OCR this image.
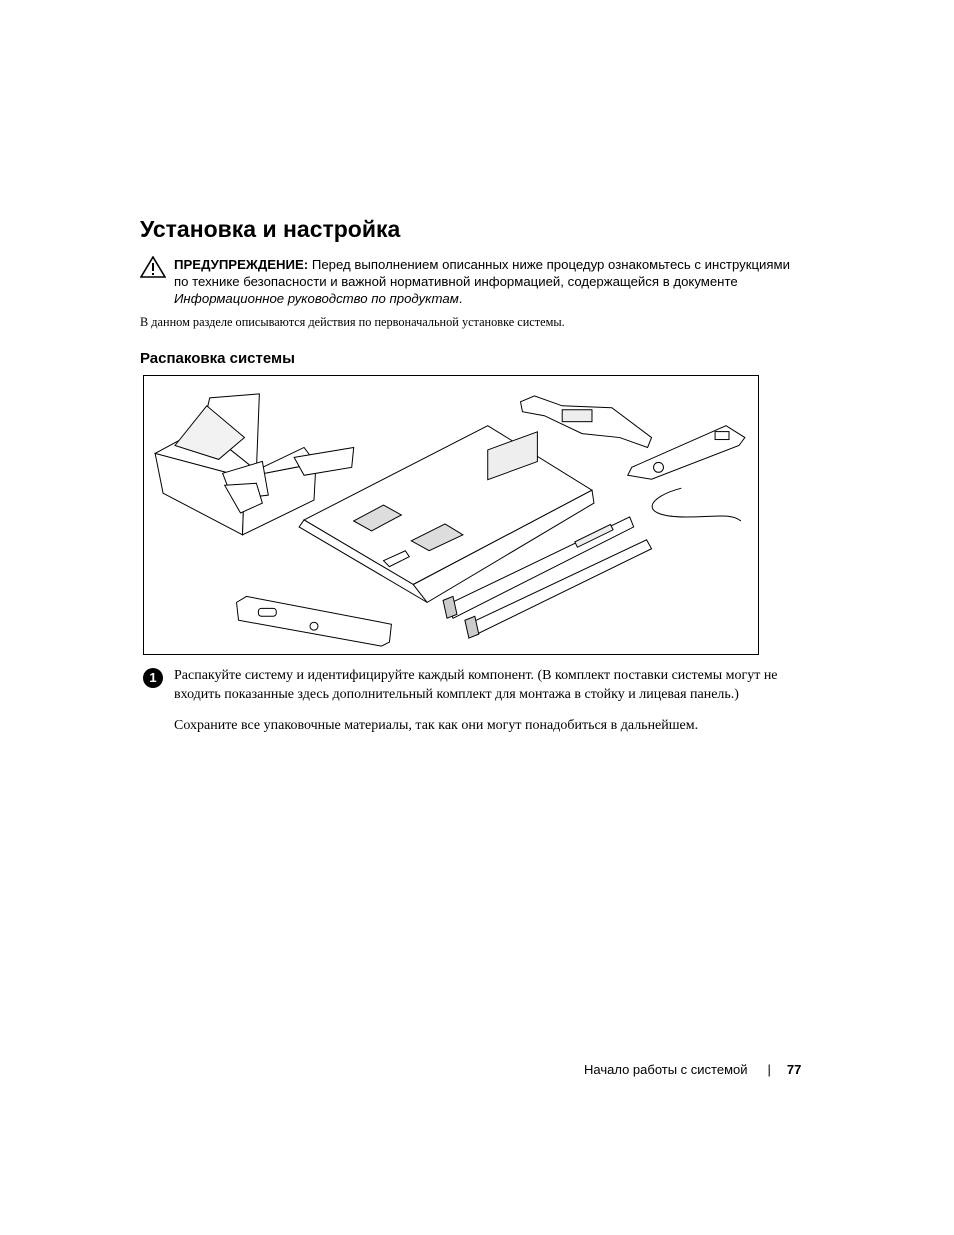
Установка и настройка
ПРЕДУПРЕЖДЕНИЕ: Перед выполнением описанных ниже процедур ознакомьтесь с инструкциями по технике безопасности и важной нормативной информацией, содержащейся в документе Информационное руководство по продуктам.
В данном разделе описываются действия по первоначальной установке системы.
Распаковка системы
1	Распакуйте систему и идентифицируйте каждый компонент. (В комплект поставки системы могут не входить показанные здесь дополнительный комплект для монтажа в стойку и лицевая панель.)
Сохраните все упаковочные материалы, так как они могут понадобиться в дальнейшем.
Начало работы с системой | 77
